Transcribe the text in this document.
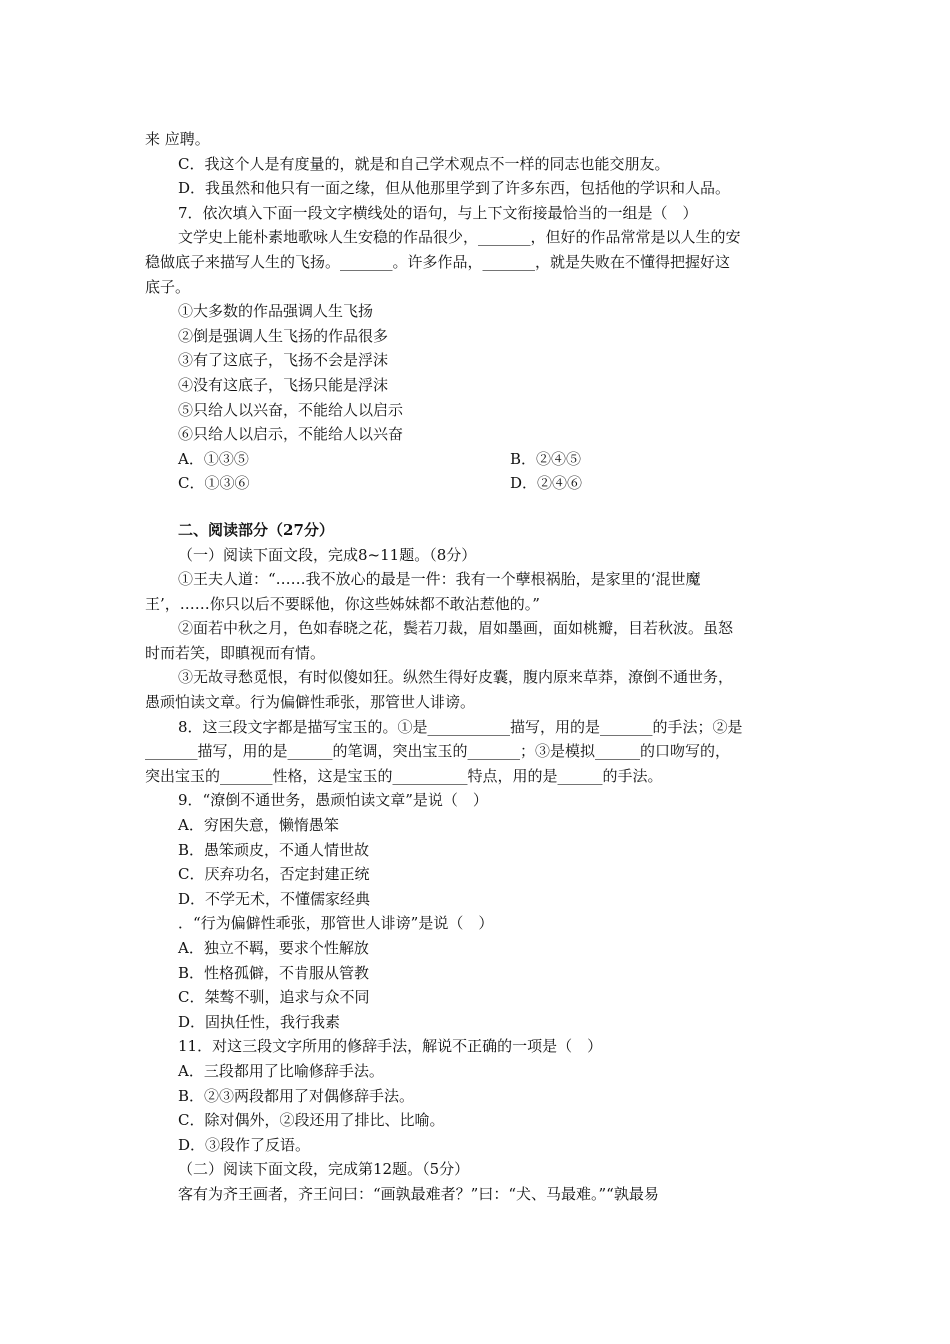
来 应聘。
C．我这个人是有度量的，就是和自己学术观点不一样的同志也能交朋友。
D．我虽然和他只有一面之缘，但从他那里学到了许多东西，包括他的学识和人品。
7．依次填入下面一段文字横线处的语句，与上下文衔接最恰当的一组是（　）
文学史上能朴素地歌咏人生安稳的作品很少，_______，但好的作品常常是以人生的安
稳做底子来描写人生的飞扬。_______。许多作品，_______，就是失败在不懂得把握好这
底子。
①大多数的作品强调人生飞扬
②倒是强调人生飞扬的作品很多
③有了这底子，飞扬不会是浮沫
④没有这底子，飞扬只能是浮沫
⑤只给人以兴奋，不能给人以启示
⑥只给人以启示，不能给人以兴奋
A．①③⑤	B．②④⑤
C．①③⑥	D．②④⑥
二、阅读部分（27分）
（一）阅读下面文段，完成8~11题。（8分）
①王夫人道：“……我不放心的最是一件：我有一个孽根祸胎，是家里的‘混世魔
王’，……你只以后不要睬他，你这些姊妹都不敢沾惹他的。”
②面若中秋之月，色如春晓之花，鬓若刀裁，眉如墨画，面如桃瓣，目若秋波。虽怒
时而若笑，即瞋视而有情。
③无故寻愁觅恨，有时似傻如狂。纵然生得好皮囊，腹内原来草莽，潦倒不通世务，
愚顽怕读文章。行为偏僻性乖张，那管世人诽谤。
8．这三段文字都是描写宝玉的。①是___________描写，用的是_______的手法；②是
_______描写，用的是______的笔调，突出宝玉的_______；③是模拟______的口吻写的，
突出宝玉的_______性格，这是宝玉的__________特点，用的是______的手法。
9．“潦倒不通世务，愚顽怕读文章”是说（　）
A．穷困失意，懒惰愚笨
B．愚笨顽皮，不通人情世故
C．厌弃功名，否定封建正统
D．不学无术，不懂儒家经典
．“行为偏僻性乖张，那管世人诽谤”是说（　）
A．独立不羁，要求个性解放
B．性格孤僻，不肯服从管教
C．桀骜不驯，追求与众不同
D．固执任性，我行我素
11．对这三段文字所用的修辞手法，解说不正确的一项是（　）
A．三段都用了比喻修辞手法。
B．②③两段都用了对偶修辞手法。
C．除对偶外，②段还用了排比、比喻。
D．③段作了反语。
（二）阅读下面文段，完成第12题。（5分）
客有为齐王画者，齐王问曰：“画孰最难者？”曰：“犬、马最难。”“孰最易
